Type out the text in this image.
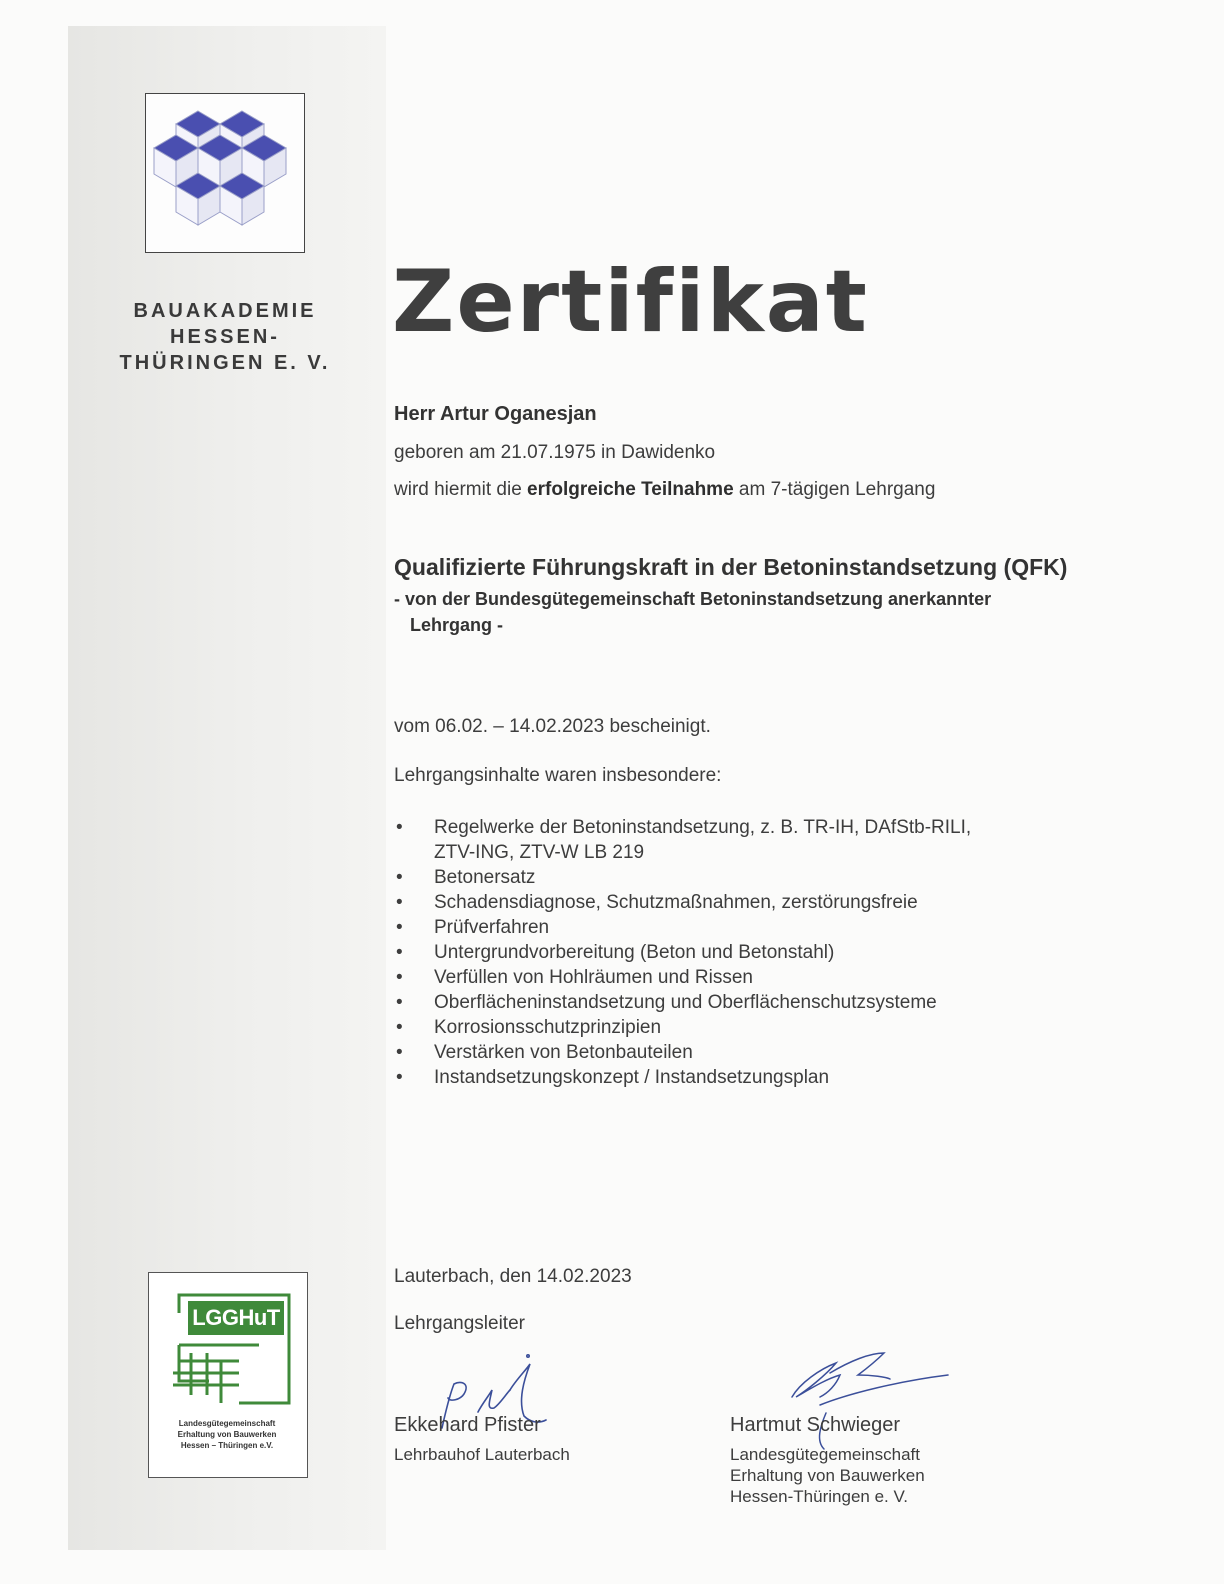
BAUAKADEMIE
HESSEN-
THÜRINGEN E. V.
Zertifikat
Herr Artur Oganesjan
geboren am 21.07.1975 in Dawidenko
wird hiermit die erfolgreiche Teilnahme am 7-tägigen Lehrgang
Qualifizierte Führungskraft in der Betoninstandsetzung (QFK)
- von der Bundesgütegemeinschaft Betoninstandsetzung anerkannter
Lehrgang -
vom 06.02. – 14.02.2023 bescheinigt.
Lehrgangsinhalte waren insbesondere:
• Regelwerke der Betoninstandsetzung, z. B. TR-IH, DAfStb-RILI,
ZTV-ING, ZTV-W LB 219
• Betonersatz
• Schadensdiagnose, Schutzmaßnahmen, zerstörungsfreie
• Prüfverfahren
• Untergrundvorbereitung (Beton und Betonstahl)
• Verfüllen von Hohlräumen und Rissen
• Oberflächeninstandsetzung und Oberflächenschutzsysteme
• Korrosionsschutzprinzipien
• Verstärken von Betonbauteilen
• Instandsetzungskonzept / Instandsetzungsplan
LGGHuT
Landesgütegemeinschaft
Erhaltung von Bauwerken
Hessen – Thüringen e.V.
Lauterbach, den 14.02.2023
Lehrgangsleiter
Ekkehard Pfister
Lehrbauhof Lauterbach
Hartmut Schwieger
Landesgütegemeinschaft
Erhaltung von Bauwerken
Hessen-Thüringen e. V.
